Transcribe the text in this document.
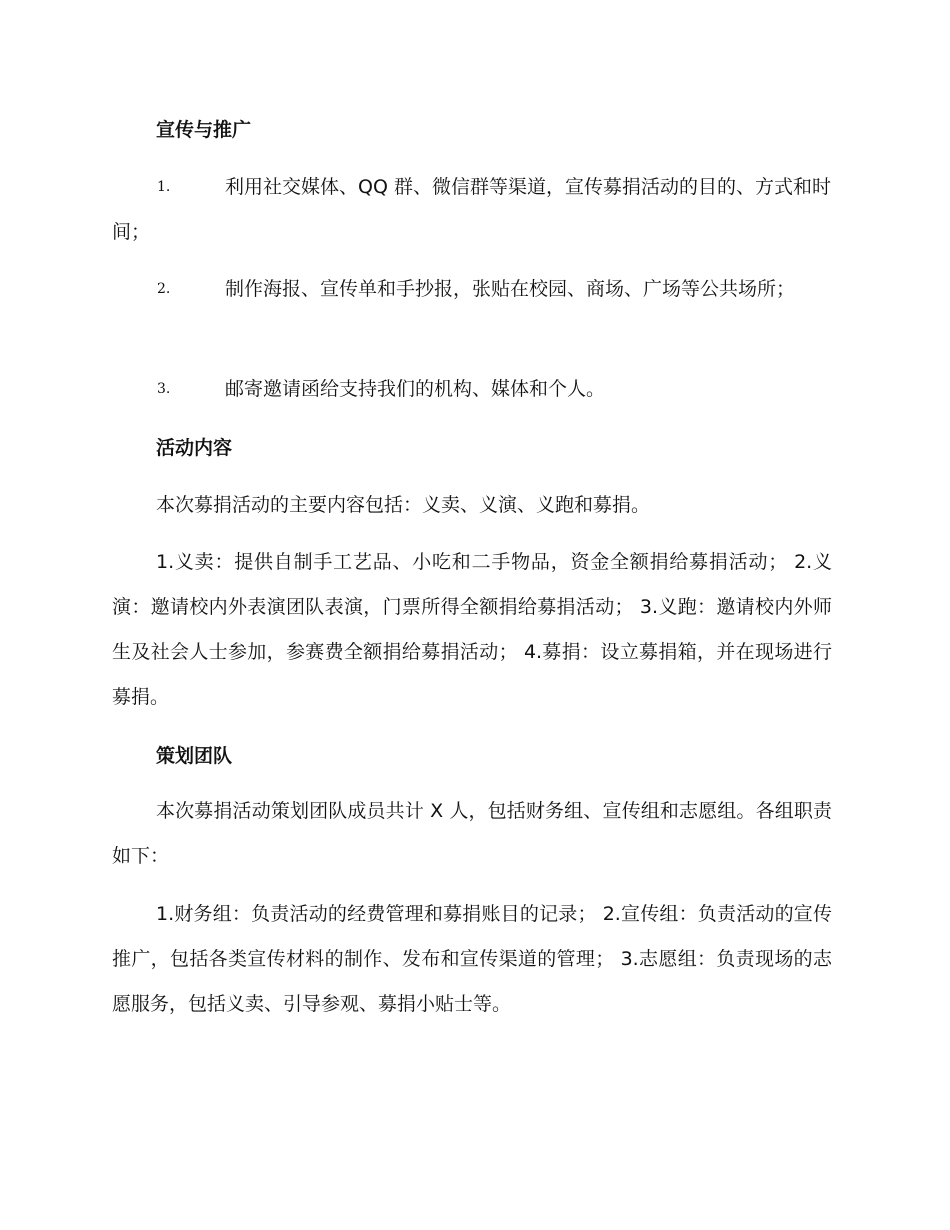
宣传与推广
1.	利用社交媒体、QQ 群、微信群等渠道，宣传募捐活动的目的、方式和时间；
2.	制作海报、宣传单和手抄报，张贴在校园、商场、广场等公共场所；
3.	邮寄邀请函给支持我们的机构、媒体和个人。
活动内容
本次募捐活动的主要内容包括：义卖、义演、义跑和募捐。
1.义卖：提供自制手工艺品、小吃和二手物品，资金全额捐给募捐活动； 2.义演：邀请校内外表演团队表演，门票所得全额捐给募捐活动； 3.义跑：邀请校内外师生及社会人士参加，参赛费全额捐给募捐活动； 4.募捐：设立募捐箱，并在现场进行募捐。
策划团队
本次募捐活动策划团队成员共计 X 人，包括财务组、宣传组和志愿组。各组职责如下：
1.财务组：负责活动的经费管理和募捐账目的记录； 2.宣传组：负责活动的宣传推广，包括各类宣传材料的制作、发布和宣传渠道的管理； 3.志愿组：负责现场的志愿服务，包括义卖、引导参观、募捐小贴士等。
